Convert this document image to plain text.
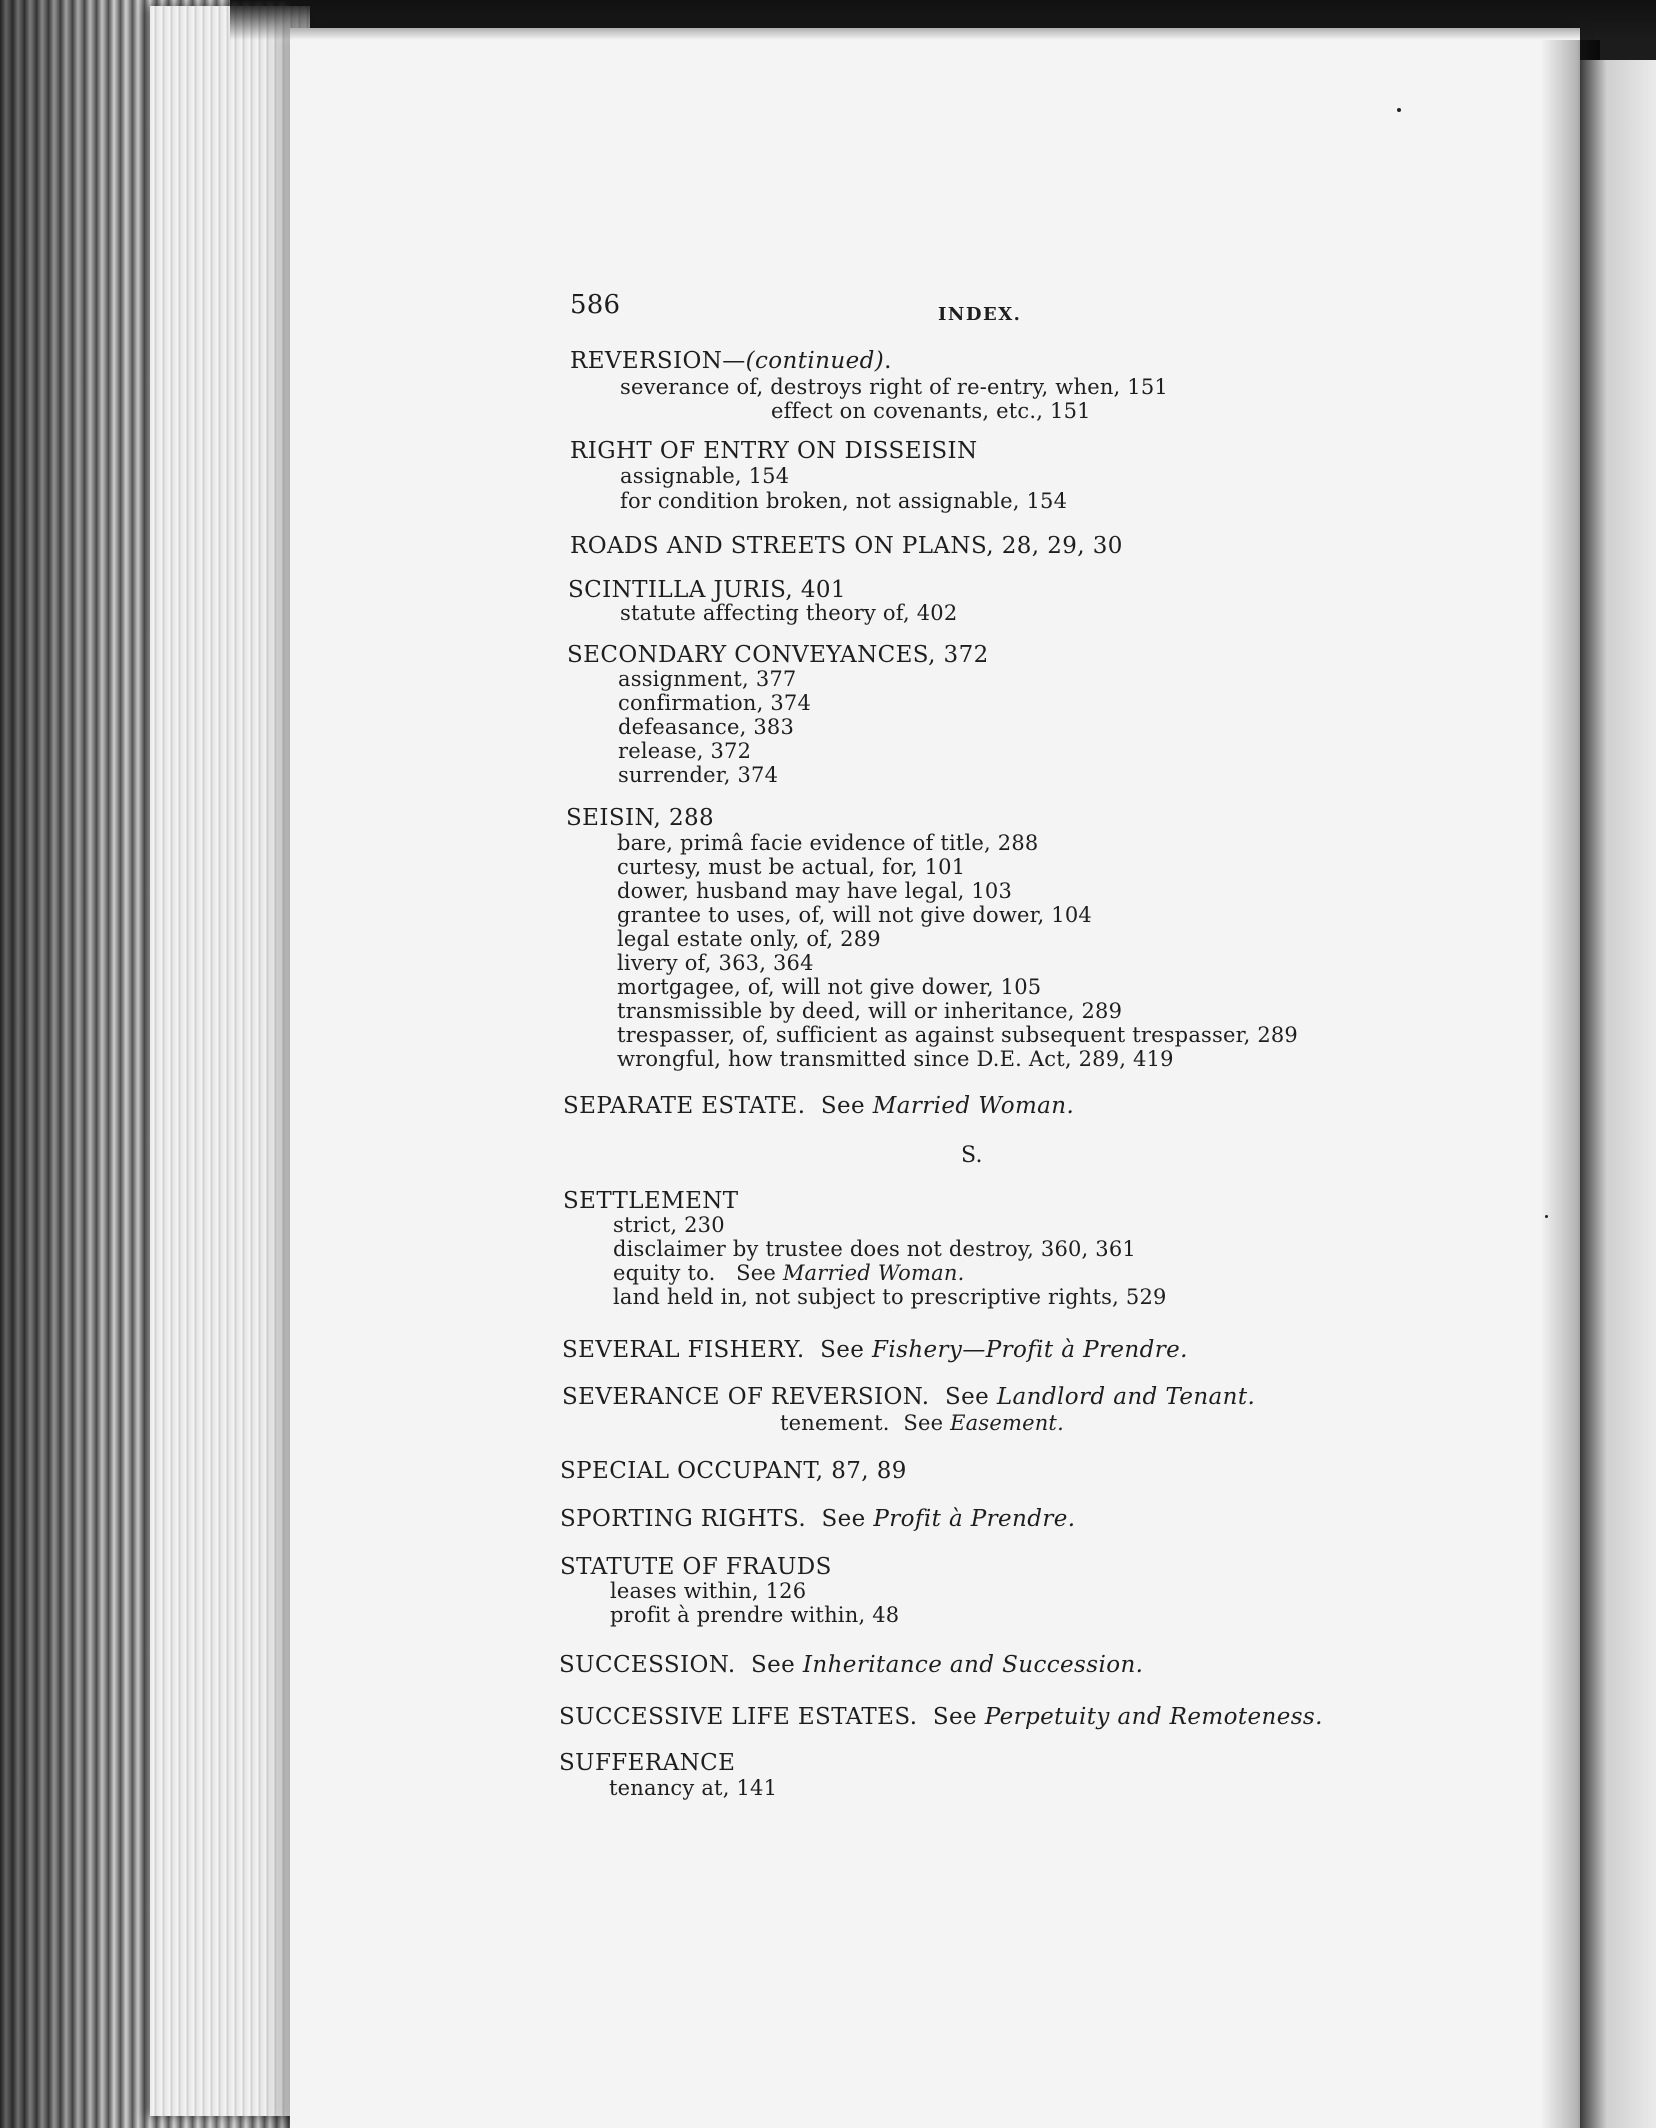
586	INDEX.
REVERSION—(continued).
severance of, destroys right of re-entry, when, 151
effect on covenants, etc., 151
RIGHT OF ENTRY ON DISSEISIN
assignable, 154
for condition broken, not assignable, 154
ROADS AND STREETS ON PLANS, 28, 29, 30
SCINTILLA JURIS, 401
statute affecting theory of, 402
SECONDARY CONVEYANCES, 372
assignment, 377
confirmation, 374
defeasance, 383
release, 372
surrender, 374
SEISIN, 288
bare, primâ facie evidence of title, 288
curtesy, must be actual, for, 101
dower, husband may have legal, 103
grantee to uses, of, will not give dower, 104
legal estate only, of, 289
livery of, 363, 364
mortgagee, of, will not give dower, 105
transmissible by deed, will or inheritance, 289
trespasser, of, sufficient as against subsequent trespasser, 289
wrongful, how transmitted since D.E. Act, 289, 419
SEPARATE ESTATE. See Married Woman.
S.
SETTLEMENT
strict, 230
disclaimer by trustee does not destroy, 360, 361
equity to. See Married Woman.
land held in, not subject to prescriptive rights, 529
SEVERAL FISHERY. See Fishery—Profit à Prendre.
SEVERANCE OF REVERSION. See Landlord and Tenant.
tenement. See Easement.
SPECIAL OCCUPANT, 87, 89
SPORTING RIGHTS. See Profit à Prendre.
STATUTE OF FRAUDS
leases within, 126
profit à prendre within, 48
SUCCESSION. See Inheritance and Succession.
SUCCESSIVE LIFE ESTATES. See Perpetuity and Remoteness.
SUFFERANCE
tenancy at, 141
